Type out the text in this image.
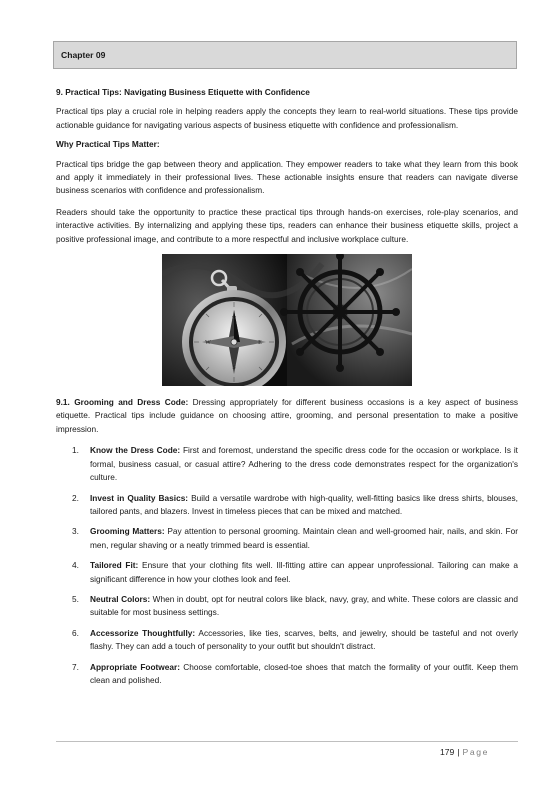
Chapter 09

9. Practical Tips: Navigating Business Etiquette with Confidence

Practical tips play a crucial role in helping readers apply the concepts they learn to real-world situations. These tips provide actionable guidance for navigating various aspects of business etiquette with confidence and professionalism.

Why Practical Tips Matter:

Practical tips bridge the gap between theory and application. They empower readers to take what they learn from this book and apply it immediately in their professional lives. These actionable insights ensure that readers can navigate diverse business scenarios with confidence and professionalism.

Readers should take the opportunity to practice these practical tips through hands-on exercises, role-play scenarios, and interactive activities. By internalizing and applying these tips, readers can enhance their business etiquette skills, project a positive professional image, and contribute to a more respectful and inclusive workplace culture.

N
S
W	E

9.1. Grooming and Dress Code: Dressing appropriately for different business occasions is a key aspect of business etiquette. Practical tips include guidance on choosing attire, grooming, and personal presentation to make a positive impression.

1. Know the Dress Code: First and foremost, understand the specific dress code for the occasion or workplace. Is it formal, business casual, or casual attire? Adhering to the dress code demonstrates respect for the organization's culture.
2. Invest in Quality Basics: Build a versatile wardrobe with high-quality, well-fitting basics like dress shirts, blouses, tailored pants, and blazers. Invest in timeless pieces that can be mixed and matched.
3. Grooming Matters: Pay attention to personal grooming. Maintain clean and well-groomed hair, nails, and skin. For men, regular shaving or a neatly trimmed beard is essential.
4. Tailored Fit: Ensure that your clothing fits well. Ill-fitting attire can appear unprofessional. Tailoring can make a significant difference in how your clothes look and feel.
5. Neutral Colors: When in doubt, opt for neutral colors like black, navy, gray, and white. These colors are classic and suitable for most business settings.
6. Accessorize Thoughtfully: Accessories, like ties, scarves, belts, and jewelry, should be tasteful and not overly flashy. They can add a touch of personality to your outfit but shouldn't distract.
7. Appropriate Footwear: Choose comfortable, closed-toe shoes that match the formality of your outfit. Keep them clean and polished.
179 | Page
